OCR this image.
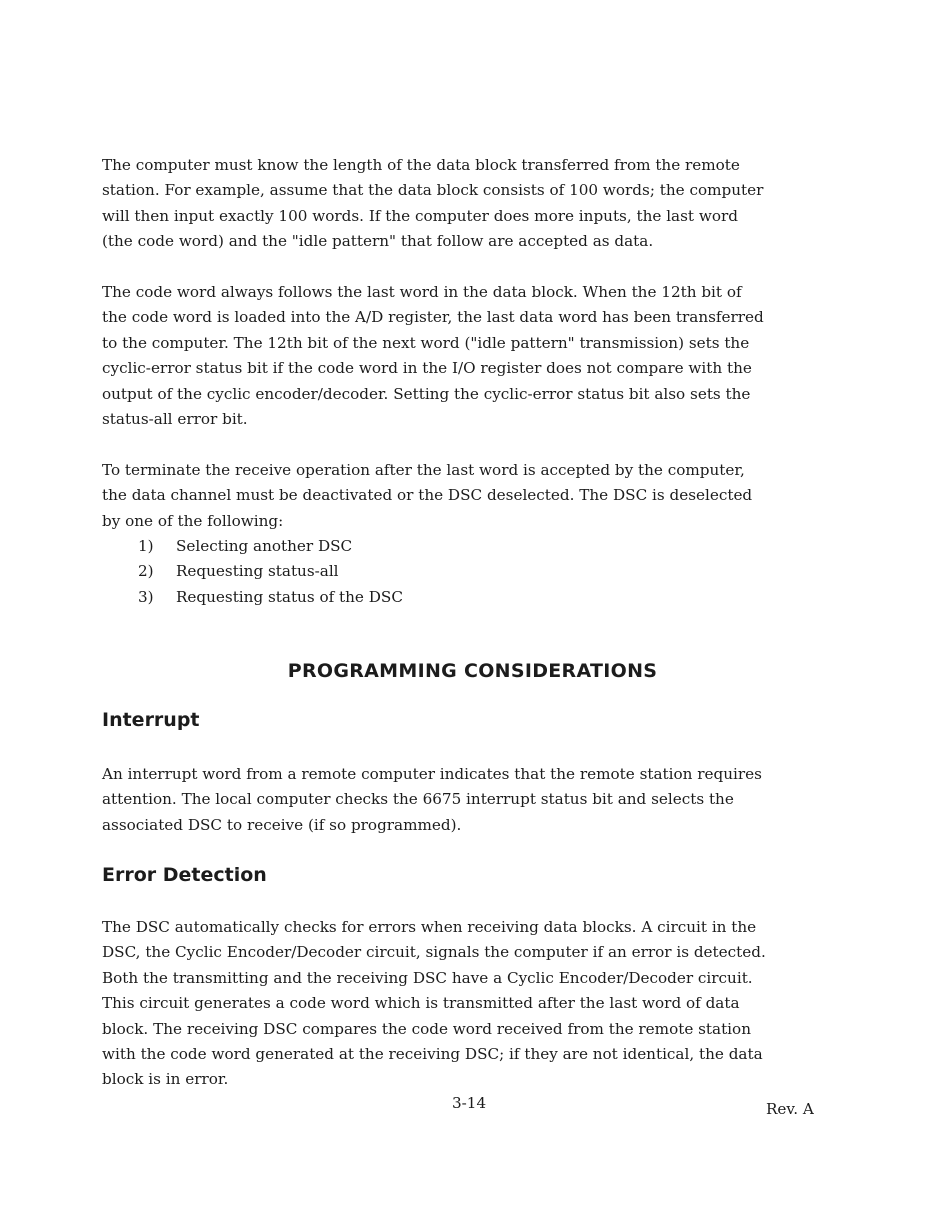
The computer must know the length of the data block transferred from the remote
station. For example, assume that the data block consists of 100 words; the computer
will then input exactly 100 words. If the computer does more inputs, the last word
(the code word) and the "idle pattern" that follow are accepted as data.
The code word always follows the last word in the data block. When the 12th bit of
the code word is loaded into the A/D register, the last data word has been transferred
to the computer. The 12th bit of the next word ("idle pattern" transmission) sets the
cyclic-error status bit if the code word in the I/O register does not compare with the
output of the cyclic encoder/decoder. Setting the cyclic-error status bit also sets the
status-all error bit.
To terminate the receive operation after the last word is accepted by the computer,
the data channel must be deactivated or the DSC deselected. The DSC is deselected
by one of the following:
1) Selecting another DSC
2) Requesting status-all
3) Requesting status of the DSC
PROGRAMMING CONSIDERATIONS
Interrupt
An interrupt word from a remote computer indicates that the remote station requires
attention. The local computer checks the 6675 interrupt status bit and selects the
associated DSC to receive (if so programmed).
Error Detection
The DSC automatically checks for errors when receiving data blocks. A circuit in the
DSC, the Cyclic Encoder/Decoder circuit, signals the computer if an error is detected.
Both the transmitting and the receiving DSC have a Cyclic Encoder/Decoder circuit.
This circuit generates a code word which is transmitted after the last word of data
block. The receiving DSC compares the code word received from the remote station
with the code word generated at the receiving DSC; if they are not identical, the data
block is in error.
3-14	Rev. A
